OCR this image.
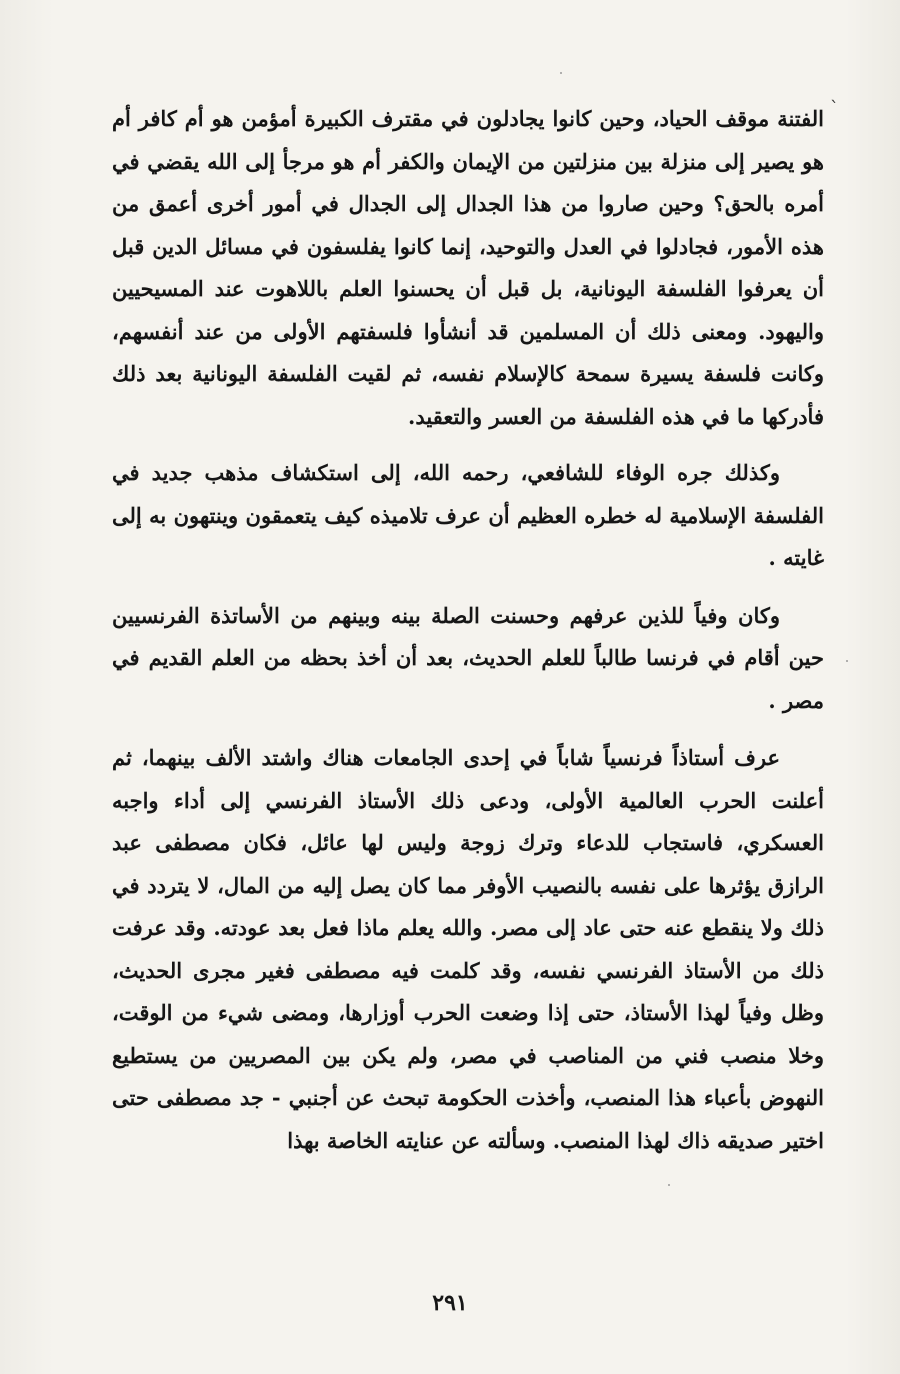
`

الفتنة موقف الحياد، وحين كانوا يجادلون في مقترف الكبيرة أمؤمن هو أم كافر أم هو يصير إلى منزلة بين منزلتين من الإيمان والكفر أم هو مرجأ إلى الله يقضي في أمره بالحق؟ وحين صاروا من هذا الجدال إلى الجدال في أمور أخرى أعمق من هذه الأمور، فجادلوا في العدل والتوحيد، إنما كانوا يفلسفون في مسائل الدين قبل أن يعرفوا الفلسفة اليونانية، بل قبل أن يحسنوا العلم باللاهوت عند المسيحيين واليهود. ومعنى ذلك أن المسلمين قد أنشأوا فلسفتهم الأولى من عند أنفسهم، وكانت فلسفة يسيرة سمحة كالإسلام نفسه، ثم لقيت الفلسفة اليونانية بعد ذلك فأدركها ما في هذه الفلسفة من العسر والتعقيد.

وكذلك جره الوفاء للشافعي، رحمه الله، إلى استكشاف مذهب جديد في الفلسفة الإسلامية له خطره العظيم أن عرف تلاميذه كيف يتعمقون وينتهون به إلى غايته .

وكان وفياً للذين عرفهم وحسنت الصلة بينه وبينهم من الأساتذة الفرنسيين حين أقام في فرنسا طالباً للعلم الحديث، بعد أن أخذ بحظه من العلم القديم في مصر .

عرف أستاذاً فرنسياً شاباً في إحدى الجامعات هناك واشتد الألف بينهما، ثم أعلنت الحرب العالمية الأولى، ودعى ذلك الأستاذ الفرنسي إلى أداء واجبه العسكري، فاستجاب للدعاء وترك زوجة وليس لها عائل، فكان مصطفى عبد الرازق يؤثرها على نفسه بالنصيب الأوفر مما كان يصل إليه من المال، لا يتردد في ذلك ولا ينقطع عنه حتى عاد إلى مصر. والله يعلم ماذا فعل بعد عودته. وقد عرفت ذلك من الأستاذ الفرنسي نفسه، وقد كلمت فيه مصطفى فغير مجرى الحديث، وظل وفياً لهذا الأستاذ، حتى إذا وضعت الحرب أوزارها، ومضى شيء من الوقت، وخلا منصب فني من المناصب في مصر، ولم يكن بين المصريين من يستطيع النهوض بأعباء هذا المنصب، وأخذت الحكومة تبحث عن أجنبي - جد مصطفى حتى اختير صديقه ذاك لهذا المنصب. وسألته عن عنايته الخاصة بهذا

٢٩١
